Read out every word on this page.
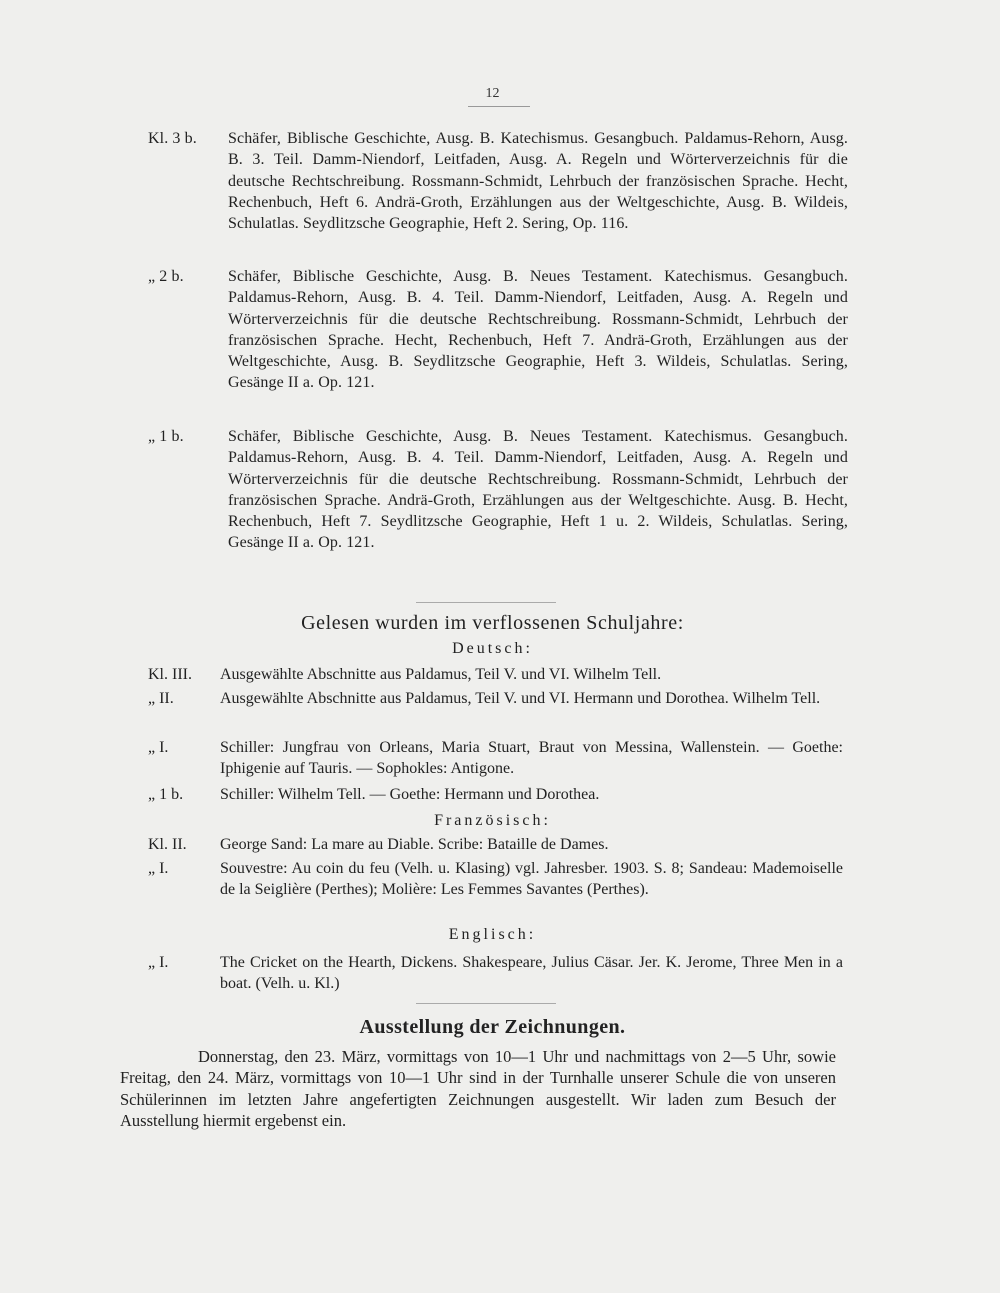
12
Kl. 3 b.	Schäfer, Biblische Geschichte, Ausg. B. Katechismus. Gesangbuch. Paldamus-Rehorn, Ausg. B. 3. Teil. Damm-Niendorf, Leitfaden, Ausg. A. Regeln und Wörterverzeichnis für die deutsche Rechtschreibung. Rossmann-Schmidt, Lehrbuch der französischen Sprache. Hecht, Rechenbuch, Heft 6. Andrä-Groth, Erzählungen aus der Weltgeschichte, Ausg. B. Wildeis, Schulatlas. Seydlitzsche Geographie, Heft 2. Sering, Op. 116.
„ 2 b.	Schäfer, Biblische Geschichte, Ausg. B. Neues Testament. Katechismus. Gesangbuch. Paldamus-Rehorn, Ausg. B. 4. Teil. Damm-Niendorf, Leitfaden, Ausg. A. Regeln und Wörterverzeichnis für die deutsche Rechtschreibung. Rossmann-Schmidt, Lehrbuch der französischen Sprache. Hecht, Rechenbuch, Heft 7. Andrä-Groth, Erzählungen aus der Weltgeschichte, Ausg. B. Seydlitzsche Geographie, Heft 3. Wildeis, Schulatlas. Sering, Gesänge II a. Op. 121.
„ 1 b.	Schäfer, Biblische Geschichte, Ausg. B. Neues Testament. Katechismus. Gesangbuch. Paldamus-Rehorn, Ausg. B. 4. Teil. Damm-Niendorf, Leitfaden, Ausg. A. Regeln und Wörterverzeichnis für die deutsche Rechtschreibung. Rossmann-Schmidt, Lehrbuch der französischen Sprache. Andrä-Groth, Erzählungen aus der Weltgeschichte. Ausg. B. Hecht, Rechenbuch, Heft 7. Seydlitzsche Geographie, Heft 1 u. 2. Wildeis, Schulatlas. Sering, Gesänge II a. Op. 121.
Gelesen wurden im verflossenen Schuljahre:
Deutsch:
Kl. III.	Ausgewählte Abschnitte aus Paldamus, Teil V. und VI. Wilhelm Tell.
„ II.	Ausgewählte Abschnitte aus Paldamus, Teil V. und VI. Hermann und Dorothea. Wilhelm Tell.
„ I.	Schiller: Jungfrau von Orleans, Maria Stuart, Braut von Messina, Wallenstein. — Goethe: Iphigenie auf Tauris. — Sophokles: Antigone.
„ 1 b.	Schiller: Wilhelm Tell. — Goethe: Hermann und Dorothea.
Französisch:
Kl. II.	George Sand: La mare au Diable. Scribe: Bataille de Dames.
„ I.	Souvestre: Au coin du feu (Velh. u. Klasing) vgl. Jahresber. 1903. S. 8; Sandeau: Mademoiselle de la Seiglière (Perthes); Molière: Les Femmes Savantes (Perthes).
Englisch:
„ I.	The Cricket on the Hearth, Dickens. Shakespeare, Julius Cäsar. Jer. K. Jerome, Three Men in a boat. (Velh. u. Kl.)
Ausstellung der Zeichnungen.
Donnerstag, den 23. März, vormittags von 10—1 Uhr und nachmittags von 2—5 Uhr, sowie Freitag, den 24. März, vormittags von 10—1 Uhr sind in der Turnhalle unserer Schule die von unseren Schülerinnen im letzten Jahre angefertigten Zeichnungen ausgestellt. Wir laden zum Besuch der Ausstellung hiermit ergebenst ein.
